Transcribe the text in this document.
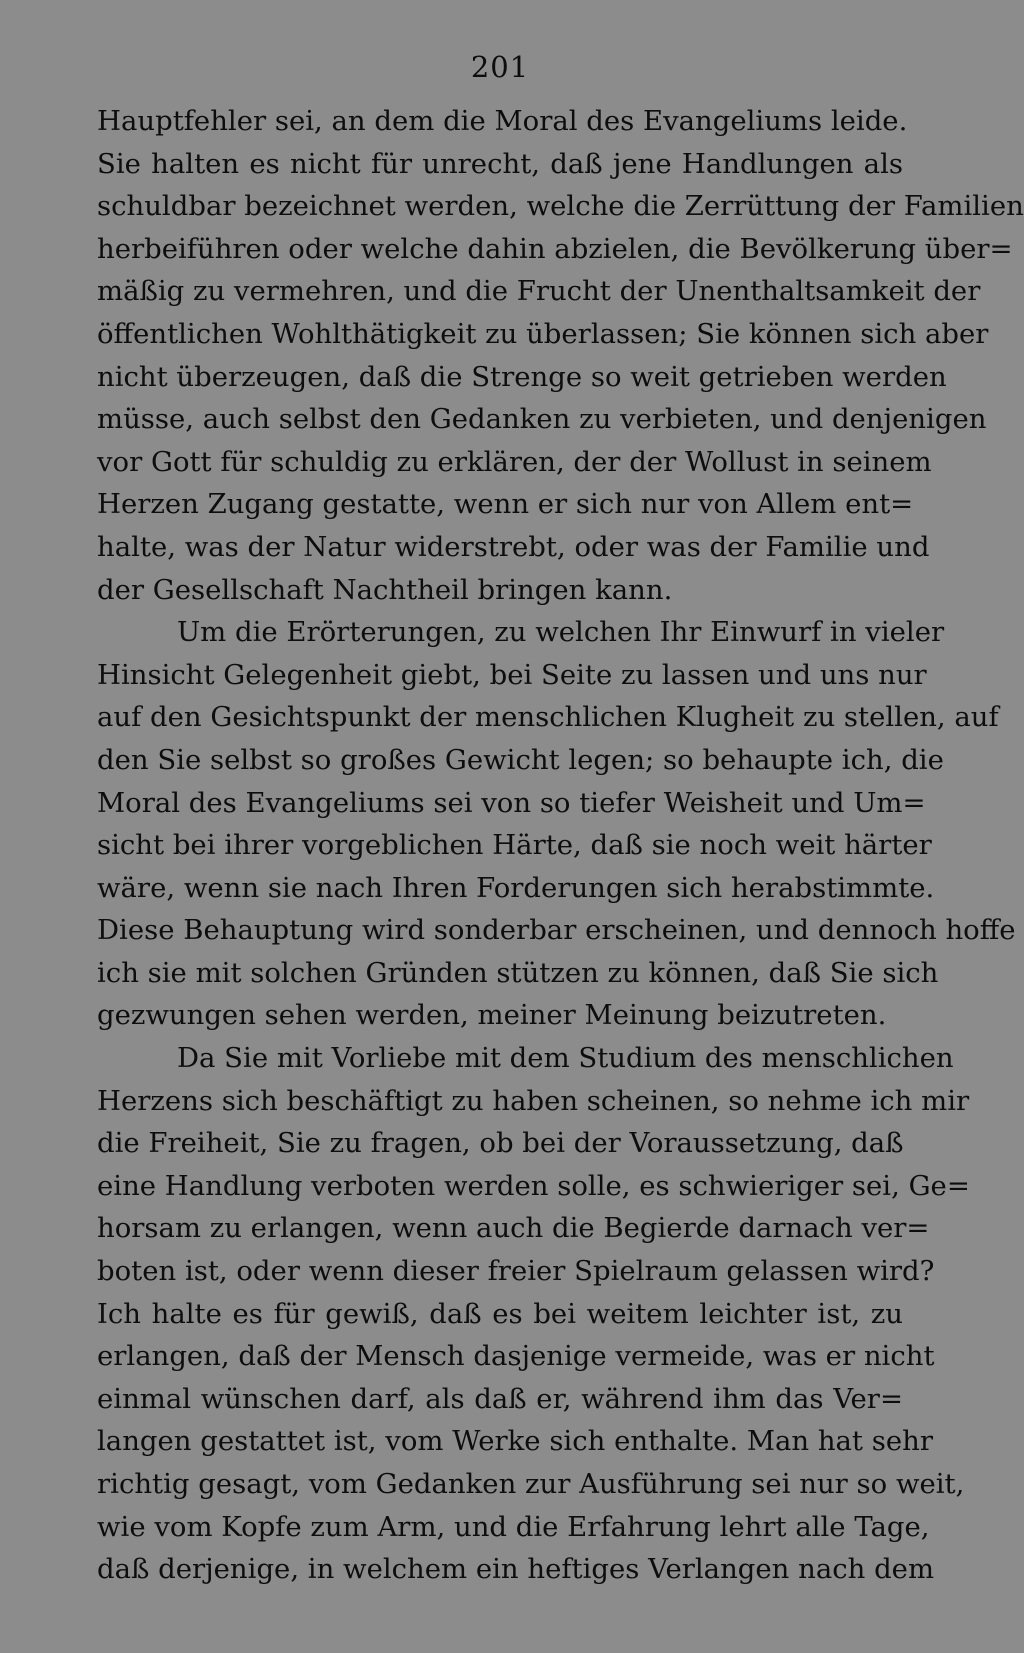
201
Hauptfehler sei, an dem die Moral des Evangeliums leide.
Sie halten es nicht für unrecht, daß jene Handlungen als
schuldbar bezeichnet werden, welche die Zerrüttung der Familien
herbeiführen oder welche dahin abzielen, die Bevölkerung über=
mäßig zu vermehren, und die Frucht der Unenthaltsamkeit der
öffentlichen Wohlthätigkeit zu überlassen; Sie können sich aber
nicht überzeugen, daß die Strenge so weit getrieben werden
müsse, auch selbst den Gedanken zu verbieten, und denjenigen
vor Gott für schuldig zu erklären, der der Wollust in seinem
Herzen Zugang gestatte, wenn er sich nur von Allem ent=
halte, was der Natur widerstrebt, oder was der Familie und
der Gesellschaft Nachtheil bringen kann.
Um die Erörterungen, zu welchen Ihr Einwurf in vieler
Hinsicht Gelegenheit giebt, bei Seite zu lassen und uns nur
auf den Gesichtspunkt der menschlichen Klugheit zu stellen, auf
den Sie selbst so großes Gewicht legen; so behaupte ich, die
Moral des Evangeliums sei von so tiefer Weisheit und Um=
sicht bei ihrer vorgeblichen Härte, daß sie noch weit härter
wäre, wenn sie nach Ihren Forderungen sich herabstimmte.
Diese Behauptung wird sonderbar erscheinen, und dennoch hoffe
ich sie mit solchen Gründen stützen zu können, daß Sie sich
gezwungen sehen werden, meiner Meinung beizutreten.
Da Sie mit Vorliebe mit dem Studium des menschlichen
Herzens sich beschäftigt zu haben scheinen, so nehme ich mir
die Freiheit, Sie zu fragen, ob bei der Voraussetzung, daß
eine Handlung verboten werden solle, es schwieriger sei, Ge=
horsam zu erlangen, wenn auch die Begierde darnach ver=
boten ist, oder wenn dieser freier Spielraum gelassen wird?
Ich halte es für gewiß, daß es bei weitem leichter ist, zu
erlangen, daß der Mensch dasjenige vermeide, was er nicht
einmal wünschen darf, als daß er, während ihm das Ver=
langen gestattet ist, vom Werke sich enthalte. Man hat sehr
richtig gesagt, vom Gedanken zur Ausführung sei nur so weit,
wie vom Kopfe zum Arm, und die Erfahrung lehrt alle Tage,
daß derjenige, in welchem ein heftiges Verlangen nach dem
